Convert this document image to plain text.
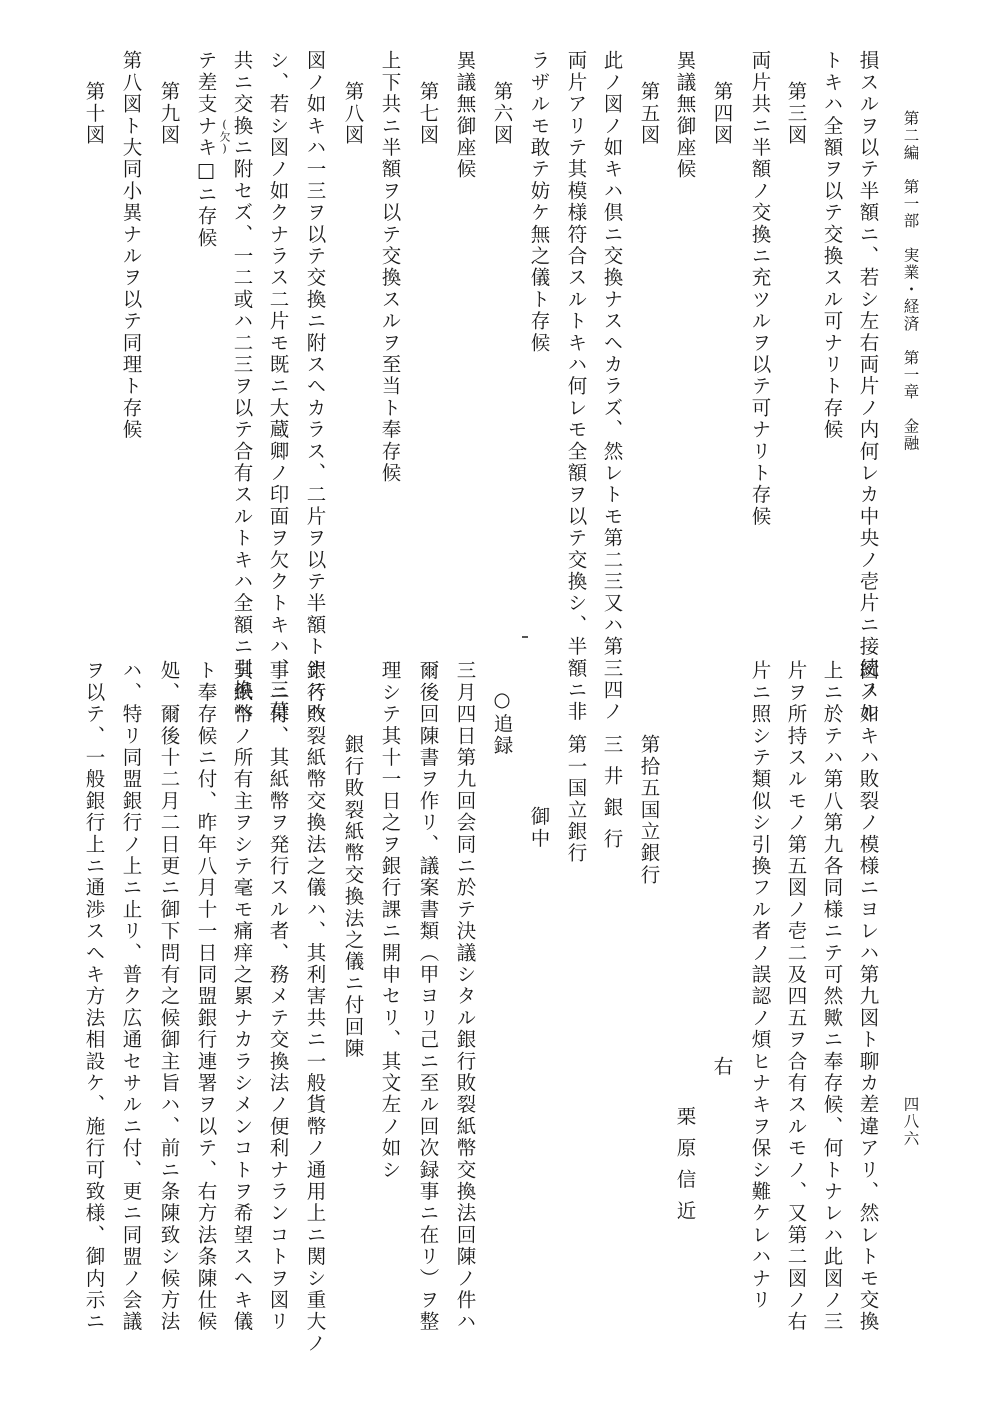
第二編　第一部　実業・経済　第一章　金融
四八六
損スルヲ以テ半額ニ、若シ左右両片ノ内何レカ中央ノ壱片ニ接続スル
トキハ全額ヲ以テ交換スル可ナリト存候
第三図
両片共ニ半額ノ交換ニ充ツルヲ以テ可ナリト存候
第四図
異議無御座候
第五図
此ノ図ノ如キハ倶ニ交換ナスヘカラズ、然レトモ第二三又ハ第三四ノ
両片アリテ其模様符合スルトキハ何レモ全額ヲ以テ交換シ、半額ニ非
ラザルモ敢テ妨ケ無之儀ト存候
第六図
異議無御座候
第七図
上下共ニ半額ヲ以テ交換スルヲ至当ト奉存候
第八図
図ノ如キハ一三ヲ以テ交換ニ附スヘカラス、二片ヲ以テ半額トナスヘ
シ、若シ図ノ如クナラス二片モ既ニ大蔵卿ノ印面ヲ欠クトキハ、三葉
共ニ交換ニ附セズ、一二或ハ二三ヲ以テ合有スルトキハ全額ニ引換ヘ
テ差支ナキ□ニ存候 (欠)
第九図
第八図ト大同小異ナルヲ以テ同理ト存候
第十図
図ノ如キハ敗裂ノ模様ニヨレハ第九図ト聊カ差違アリ、然レトモ交換
上ニ於テハ第八第九各同様ニテ可然歟ニ奉存候、何トナレハ此図ノ三
片ヲ所持スルモノ第五図ノ壱二及四五ヲ合有スルモノ、又第二図ノ右
片ニ照シテ類似シ引換フル者ノ誤認ノ煩ヒナキヲ保シ難ケレハナリ
右
栗原信近
第拾五国立銀行
三井銀行
第一国立銀行
御中
○追録
三月四日第九回会同ニ於テ決議シタル銀行敗裂紙幣交換法回陳ノ件ハ
爾後回陳書ヲ作リ、議案書類（甲ヨリ己ニ至ル回次録事ニ在リ）ヲ整
理シテ其十一日之ヲ銀行課ニ開申セリ、其文左ノ如シ
銀行敗裂紙幣交換法之儀ニ付回陳
銀行敗裂紙幣交換法之儀ハ、其利害共ニ一般貨幣ノ通用上ニ関シ重大ノ
事ニ付、其紙幣ヲ発行スル者、務メテ交換法ノ便利ナランコトヲ図リ
其紙幣ノ所有主ヲシテ毫モ痛痒之累ナカラシメンコトヲ希望スヘキ儀
ト奉存候ニ付、昨年八月十一日同盟銀行連署ヲ以テ、右方法条陳仕候
処、爾後十二月二日更ニ御下問有之候御主旨ハ、前ニ条陳致シ候方法
ハ、特リ同盟銀行ノ上ニ止リ、普ク広通セサルニ付、更ニ同盟ノ会議
ヲ以テ、一般銀行上ニ通渉スヘキ方法相設ケ、施行可致様、御内示ニ
